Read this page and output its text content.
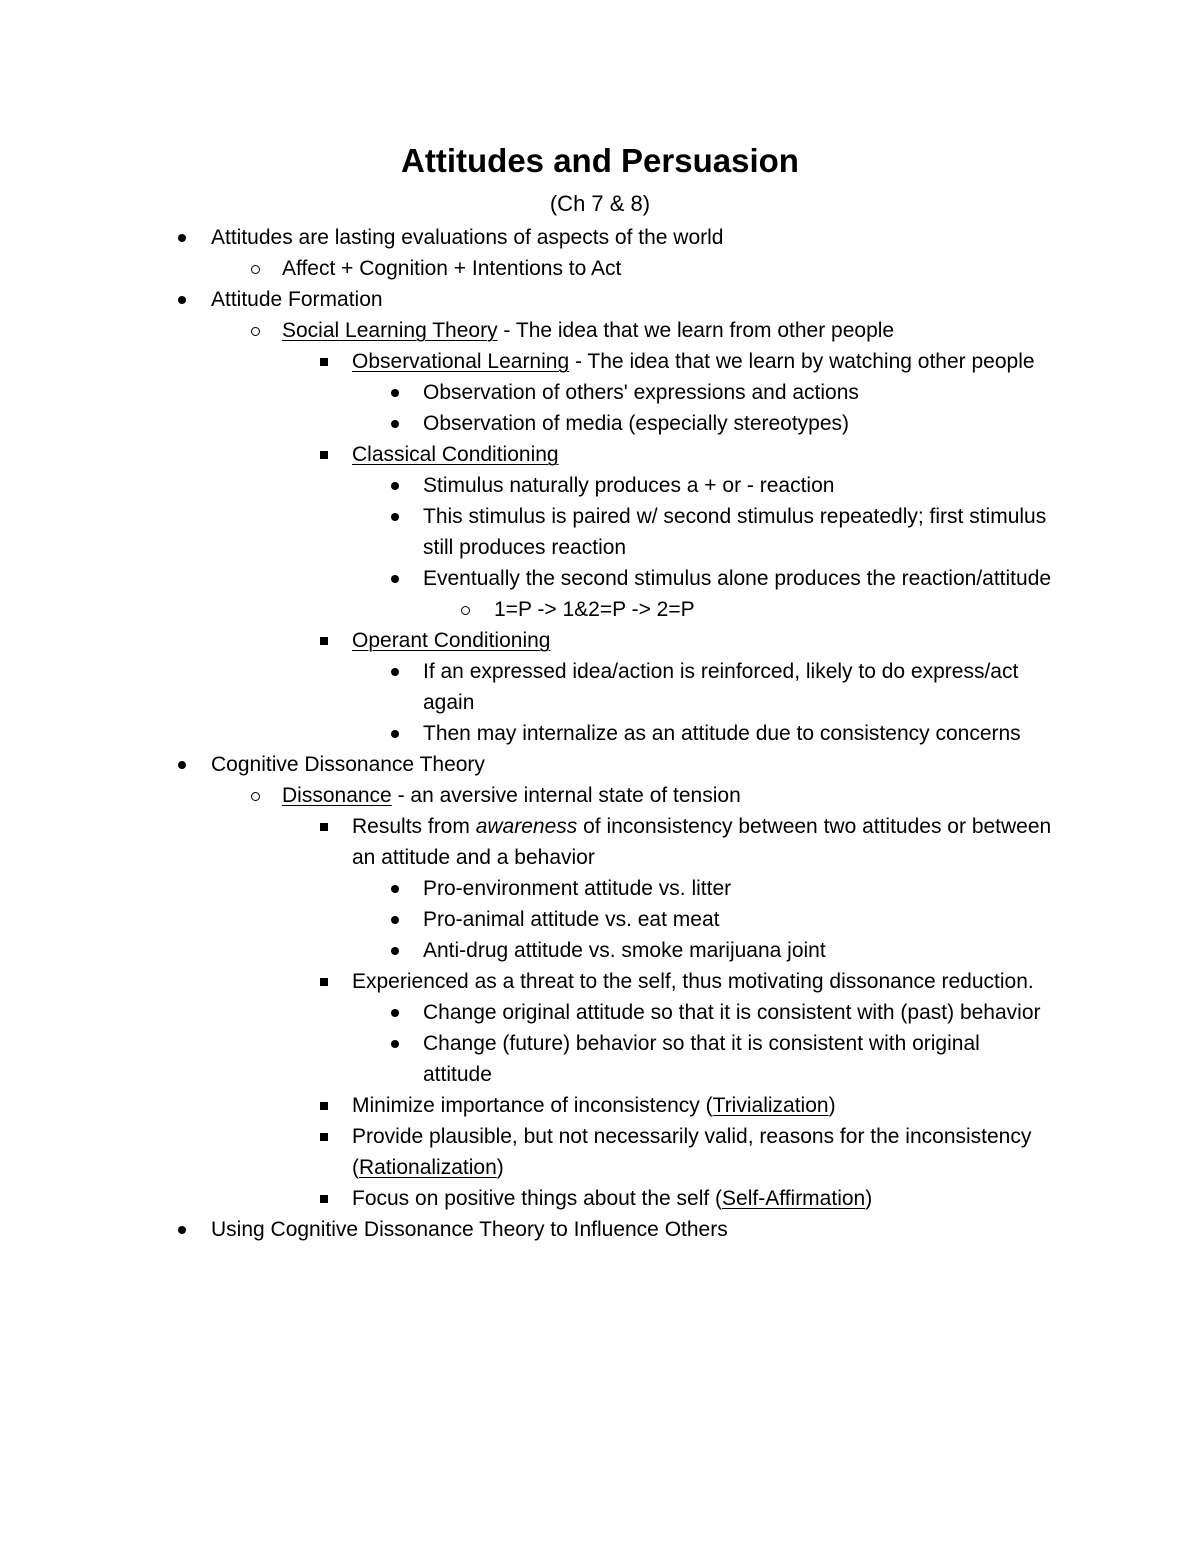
Attitudes and Persuasion
(Ch 7 & 8)
Attitudes are lasting evaluations of aspects of the world
Affect + Cognition + Intentions to Act
Attitude Formation
Social Learning Theory - The idea that we learn from other people
Observational Learning - The idea that we learn by watching other people
Observation of others' expressions and actions
Observation of media (especially stereotypes)
Classical Conditioning
Stimulus naturally produces a + or - reaction
This stimulus is paired w/ second stimulus repeatedly; first stimulus still produces reaction
Eventually the second stimulus alone produces the reaction/attitude
1=P -> 1&2=P -> 2=P
Operant Conditioning
If an expressed idea/action is reinforced, likely to do express/act again
Then may internalize as an attitude due to consistency concerns
Cognitive Dissonance Theory
Dissonance - an aversive internal state of tension
Results from awareness of inconsistency between two attitudes or between an attitude and a behavior
Pro-environment attitude vs. litter
Pro-animal attitude vs. eat meat
Anti-drug attitude vs. smoke marijuana joint
Experienced as a threat to the self, thus motivating dissonance reduction.
Change original attitude so that it is consistent with (past) behavior
Change (future) behavior so that it is consistent with original attitude
Minimize importance of inconsistency (Trivialization)
Provide plausible, but not necessarily valid, reasons for the inconsistency (Rationalization)
Focus on positive things about the self (Self-Affirmation)
Using Cognitive Dissonance Theory to Influence Others
